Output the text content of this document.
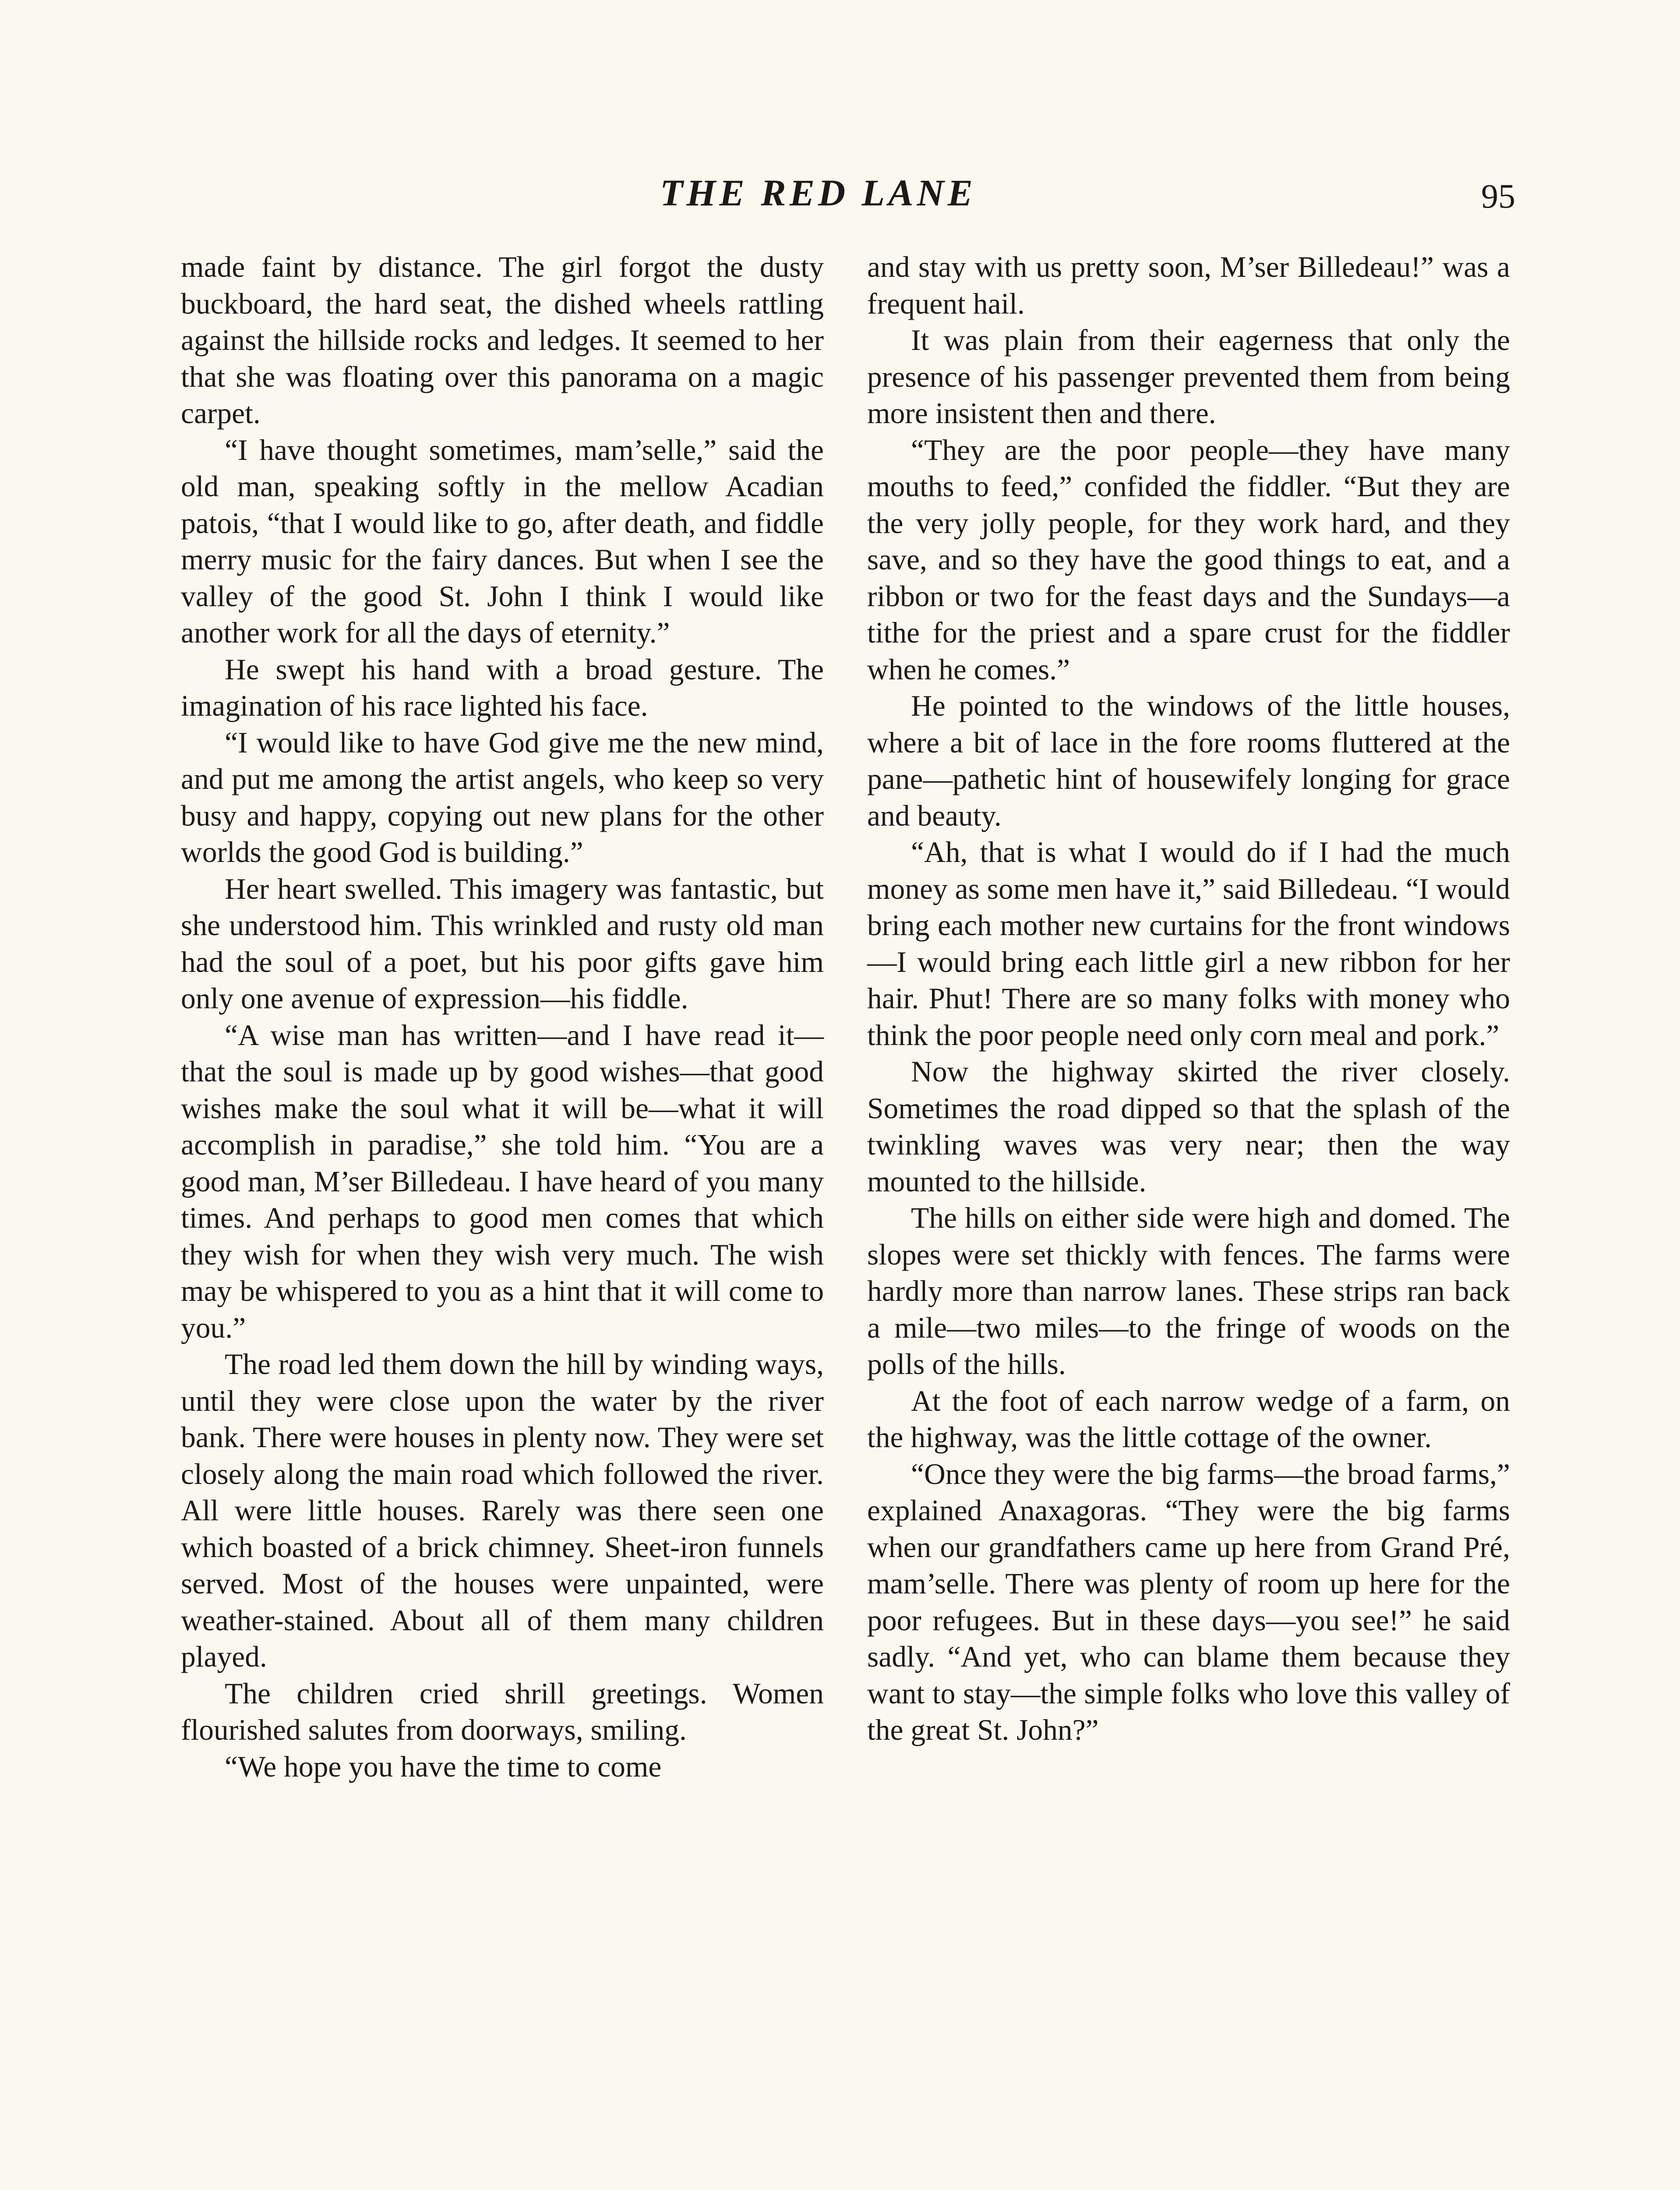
THE RED LANE	95

made faint by distance. The girl forgot the dusty buckboard, the hard seat, the dished wheels rattling against the hillside rocks and ledges. It seemed to her that she was floating over this panorama on a magic carpet.

“I have thought sometimes, mam’selle,” said the old man, speaking softly in the mellow Acadian patois, “that I would like to go, after death, and fiddle merry music for the fairy dances. But when I see the valley of the good St. John I think I would like another work for all the days of eternity.”

He swept his hand with a broad gesture. The imagination of his race lighted his face.

“I would like to have God give me the new mind, and put me among the artist angels, who keep so very busy and happy, copying out new plans for the other worlds the good God is building.”

Her heart swelled. This imagery was fantastic, but she understood him. This wrinkled and rusty old man had the soul of a poet, but his poor gifts gave him only one avenue of expression—his fiddle.

“A wise man has written—and I have read it—that the soul is made up by good wishes—that good wishes make the soul what it will be—what it will accomplish in paradise,” she told him. “You are a good man, M’ser Billedeau. I have heard of you many times. And perhaps to good men comes that which they wish for when they wish very much. The wish may be whispered to you as a hint that it will come to you.”

The road led them down the hill by winding ways, until they were close upon the water by the river bank. There were houses in plenty now. They were set closely along the main road which followed the river. All were little houses. Rarely was there seen one which boasted of a brick chimney. Sheet-iron funnels served. Most of the houses were unpainted, were weather-stained. About all of them many children played.

The children cried shrill greetings. Women flourished salutes from doorways, smiling.

“We hope you have the time to come

and stay with us pretty soon, M’ser Billedeau!” was a frequent hail.

It was plain from their eagerness that only the presence of his passenger prevented them from being more insistent then and there.

“They are the poor people—they have many mouths to feed,” confided the fiddler. “But they are the very jolly people, for they work hard, and they save, and so they have the good things to eat, and a ribbon or two for the feast days and the Sundays—a tithe for the priest and a spare crust for the fiddler when he comes.”

He pointed to the windows of the little houses, where a bit of lace in the fore rooms fluttered at the pane—pathetic hint of housewifely longing for grace and beauty.

“Ah, that is what I would do if I had the much money as some men have it,” said Billedeau. “I would bring each mother new curtains for the front windows—I would bring each little girl a new ribbon for her hair. Phut! There are so many folks with money who think the poor people need only corn meal and pork.”

Now the highway skirted the river closely. Sometimes the road dipped so that the splash of the twinkling waves was very near; then the way mounted to the hillside.

The hills on either side were high and domed. The slopes were set thickly with fences. The farms were hardly more than narrow lanes. These strips ran back a mile—two miles—to the fringe of woods on the polls of the hills.

At the foot of each narrow wedge of a farm, on the highway, was the little cottage of the owner.

“Once they were the big farms—the broad farms,” explained Anaxagoras. “They were the big farms when our grandfathers came up here from Grand Pré, mam’selle. There was plenty of room up here for the poor refugees. But in these days—you see!” he said sadly. “And yet, who can blame them because they want to stay—the simple folks who love this valley of the great St. John?”
